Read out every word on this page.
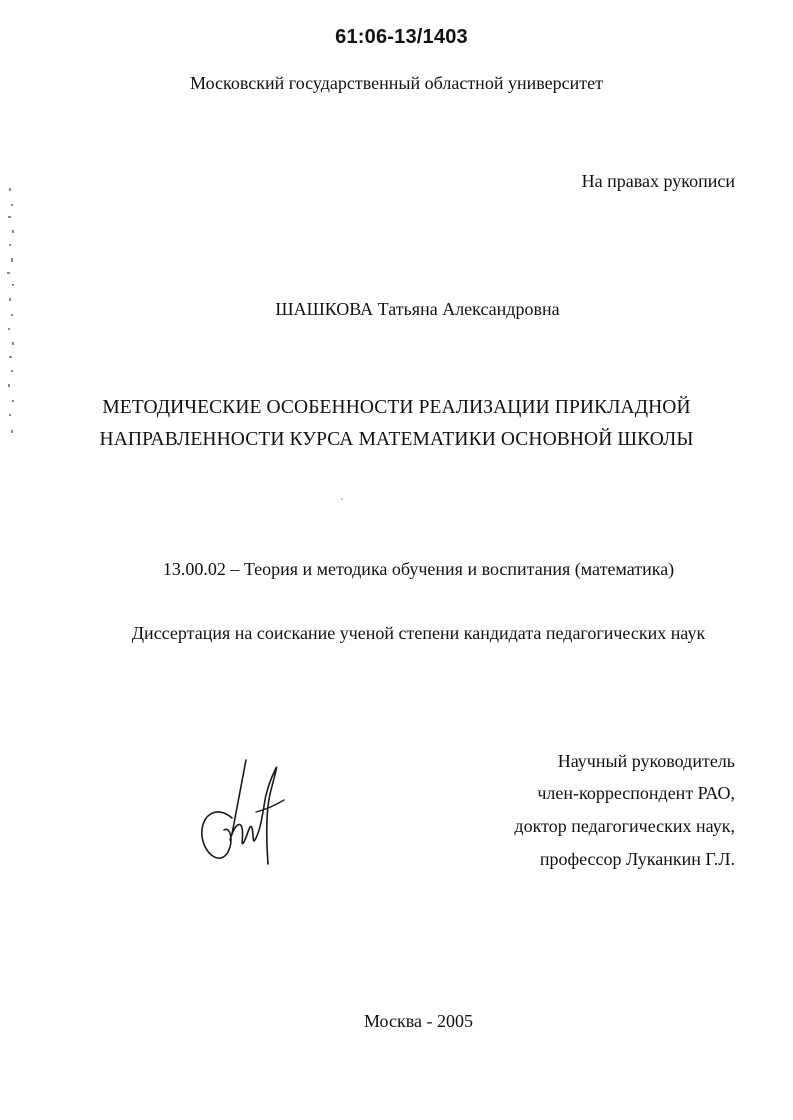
61:06-13/1403
Московский государственный областной университет
На правах рукописи
ШАШКОВА Татьяна Александровна
МЕТОДИЧЕСКИЕ ОСОБЕННОСТИ РЕАЛИЗАЦИИ ПРИКЛАДНОЙ
НАПРАВЛЕННОСТИ КУРСА МАТЕМАТИКИ ОСНОВНОЙ ШКОЛЫ
13.00.02 – Теория и методика обучения и воспитания (математика)
Диссертация на соискание ученой степени кандидата педагогических наук
Научный руководитель
член-корреспондент РАО,
доктор педагогических наук,
профессор Луканкин Г.Л.
Москва - 2005
